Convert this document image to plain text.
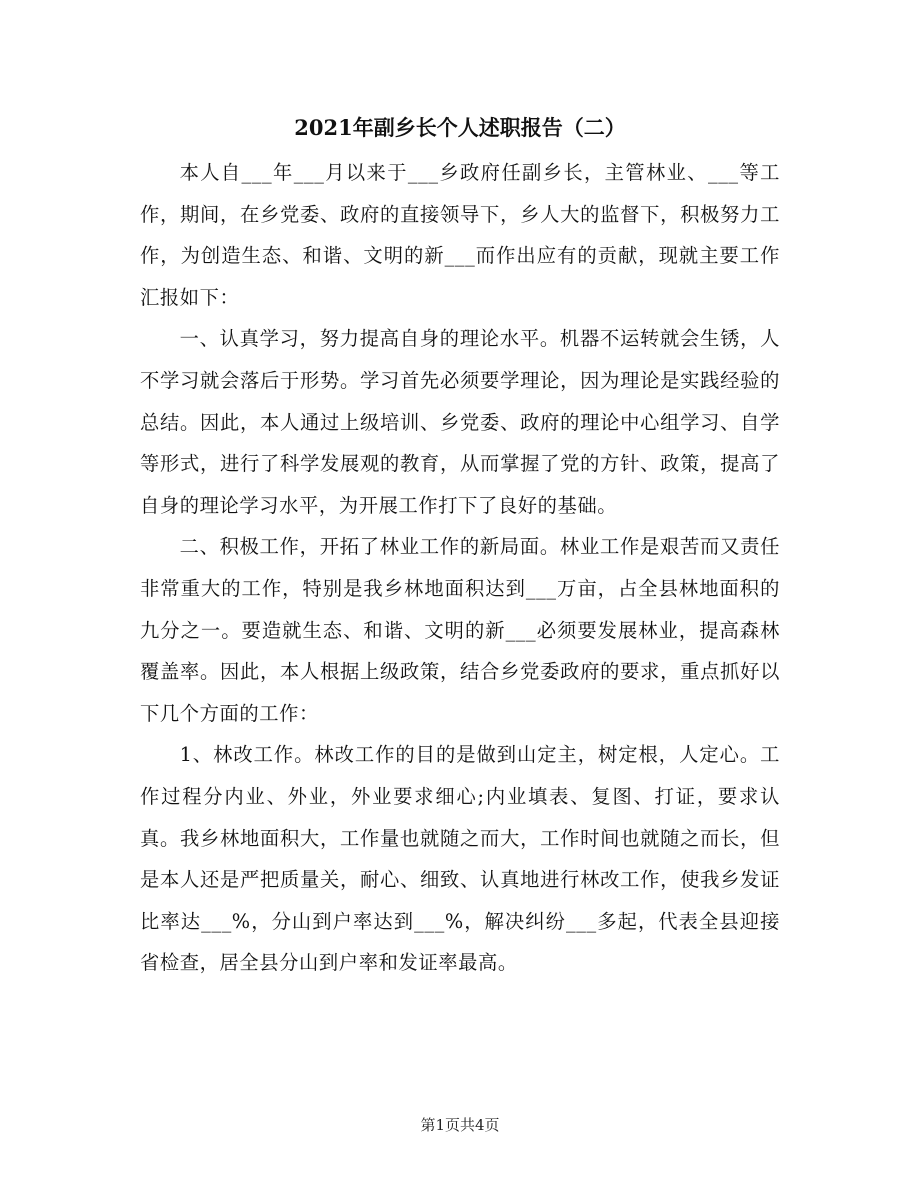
2021年副乡长个人述职报告（二）

本人自___年___月以来于___乡政府任副乡长，主管林业、___等工作，期间，在乡党委、政府的直接领导下，乡人大的监督下，积极努力工作，为创造生态、和谐、文明的新___而作出应有的贡献，现就主要工作汇报如下：

一、认真学习，努力提高自身的理论水平。机器不运转就会生锈，人不学习就会落后于形势。学习首先必须要学理论，因为理论是实践经验的总结。因此，本人通过上级培训、乡党委、政府的理论中心组学习、自学等形式，进行了科学发展观的教育，从而掌握了党的方针、政策，提高了自身的理论学习水平，为开展工作打下了良好的基础。

二、积极工作，开拓了林业工作的新局面。林业工作是艰苦而又责任非常重大的工作，特别是我乡林地面积达到___万亩，占全县林地面积的九分之一。要造就生态、和谐、文明的新___必须要发展林业，提高森林覆盖率。因此，本人根据上级政策，结合乡党委政府的要求，重点抓好以下几个方面的工作：

1、林改工作。林改工作的目的是做到山定主，树定根，人定心。工作过程分内业、外业，外业要求细心;内业填表、复图、打证，要求认真。我乡林地面积大，工作量也就随之而大，工作时间也就随之而长，但是本人还是严把质量关，耐心、细致、认真地进行林改工作，使我乡发证比率达___%，分山到户率达到___%，解决纠纷___多起，代表全县迎接省检查，居全县分山到户率和发证率最高。

第1页共4页
